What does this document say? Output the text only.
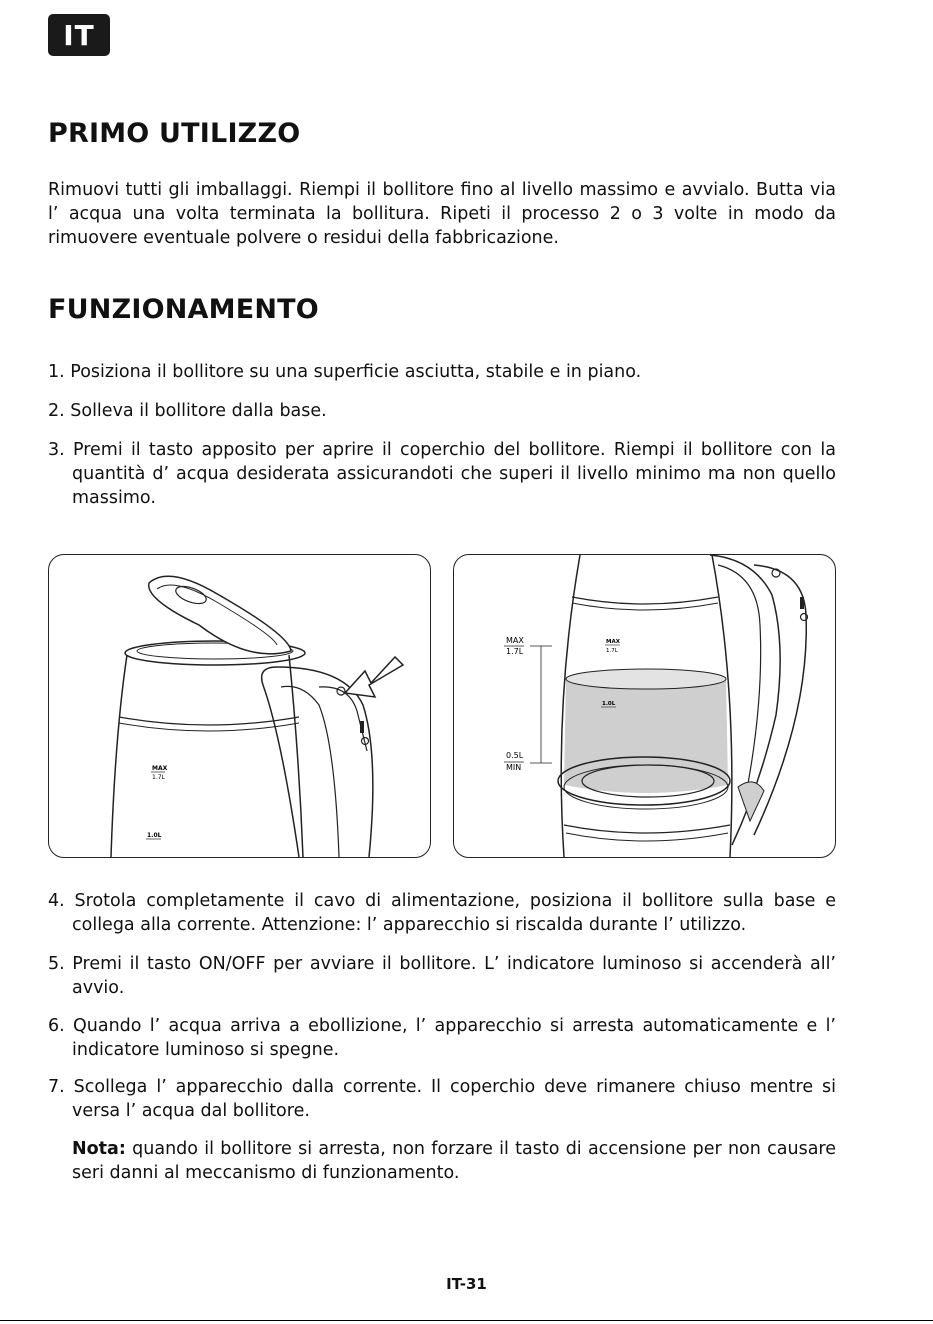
IT
PRIMO UTILIZZO

Rimuovi tutti gli imballaggi. Riempi il bollitore fino al livello massimo e avvialo. Butta via l’ acqua una volta terminata la bollitura. Ripeti il processo 2 o 3 volte in modo da rimuovere eventuale polvere o residui della fabbricazione.

FUNZIONAMENTO

1. Posiziona il bollitore su una superficie asciutta, stabile e in piano.

2. Solleva il bollitore dalla base.

3. Premi il tasto apposito per aprire il coperchio del bollitore. Riempi il bollitore con la quantità d’ acqua desiderata assicurandoti che superi il livello minimo ma non quello massimo.

MAX
1.7L
1.0L
MAX
1.7L
0.5L
MIN
MAX
1.7L
1.0L

4. Srotola completamente il cavo di alimentazione, posiziona il bollitore sulla base e collega alla corrente. Attenzione: l’ apparecchio si riscalda durante l’ utilizzo.

5. Premi il tasto ON/OFF per avviare il bollitore. L’ indicatore luminoso si accenderà all’ avvio.

6. Quando l’ acqua arriva a ebollizione, l’ apparecchio si arresta automaticamente e l’ indicatore luminoso si spegne.

7. Scollega l’ apparecchio dalla corrente. Il coperchio deve rimanere chiuso mentre si versa l’ acqua dal bollitore.

Nota: quando il bollitore si arresta, non forzare il tasto di accensione per non causare seri danni al meccanismo di funzionamento.

IT-31
